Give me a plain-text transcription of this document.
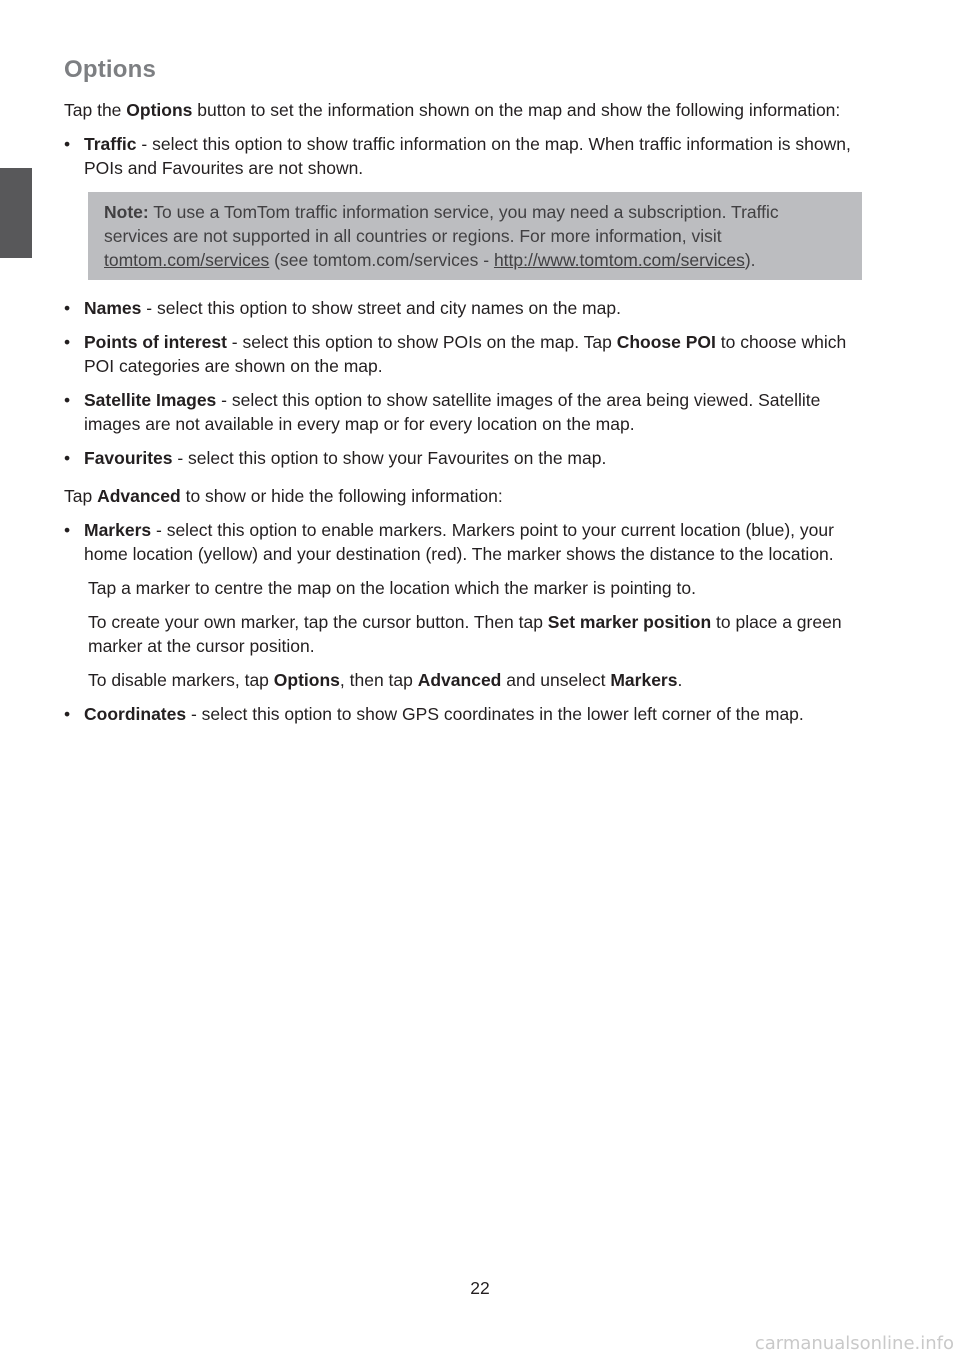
Options

Tap the Options button to set the information shown on the map and show the following information:

• Traffic - select this option to show traffic information on the map. When traffic information is shown, POIs and Favourites are not shown.
Note: To use a TomTom traffic information service, you may need a subscription. Traffic services are not supported in all countries or regions. For more information, visit tomtom.com/services (see tomtom.com/services - http://www.tomtom.com/services).
• Names - select this option to show street and city names on the map.
• Points of interest - select this option to show POIs on the map. Tap Choose POI to choose which POI categories are shown on the map.
• Satellite Images - select this option to show satellite images of the area being viewed. Satellite images are not available in every map or for every location on the map.
• Favourites - select this option to show your Favourites on the map.

Tap Advanced to show or hide the following information:

• Markers - select this option to enable markers. Markers point to your current location (blue), your home location (yellow) and your destination (red). The marker shows the distance to the location.
Tap a marker to centre the map on the location which the marker is pointing to.
To create your own marker, tap the cursor button. Then tap Set marker position to place a green marker at the cursor position.
To disable markers, tap Options, then tap Advanced and unselect Markers.
• Coordinates - select this option to show GPS coordinates in the lower left corner of the map.
22
carmanualsonline.info
